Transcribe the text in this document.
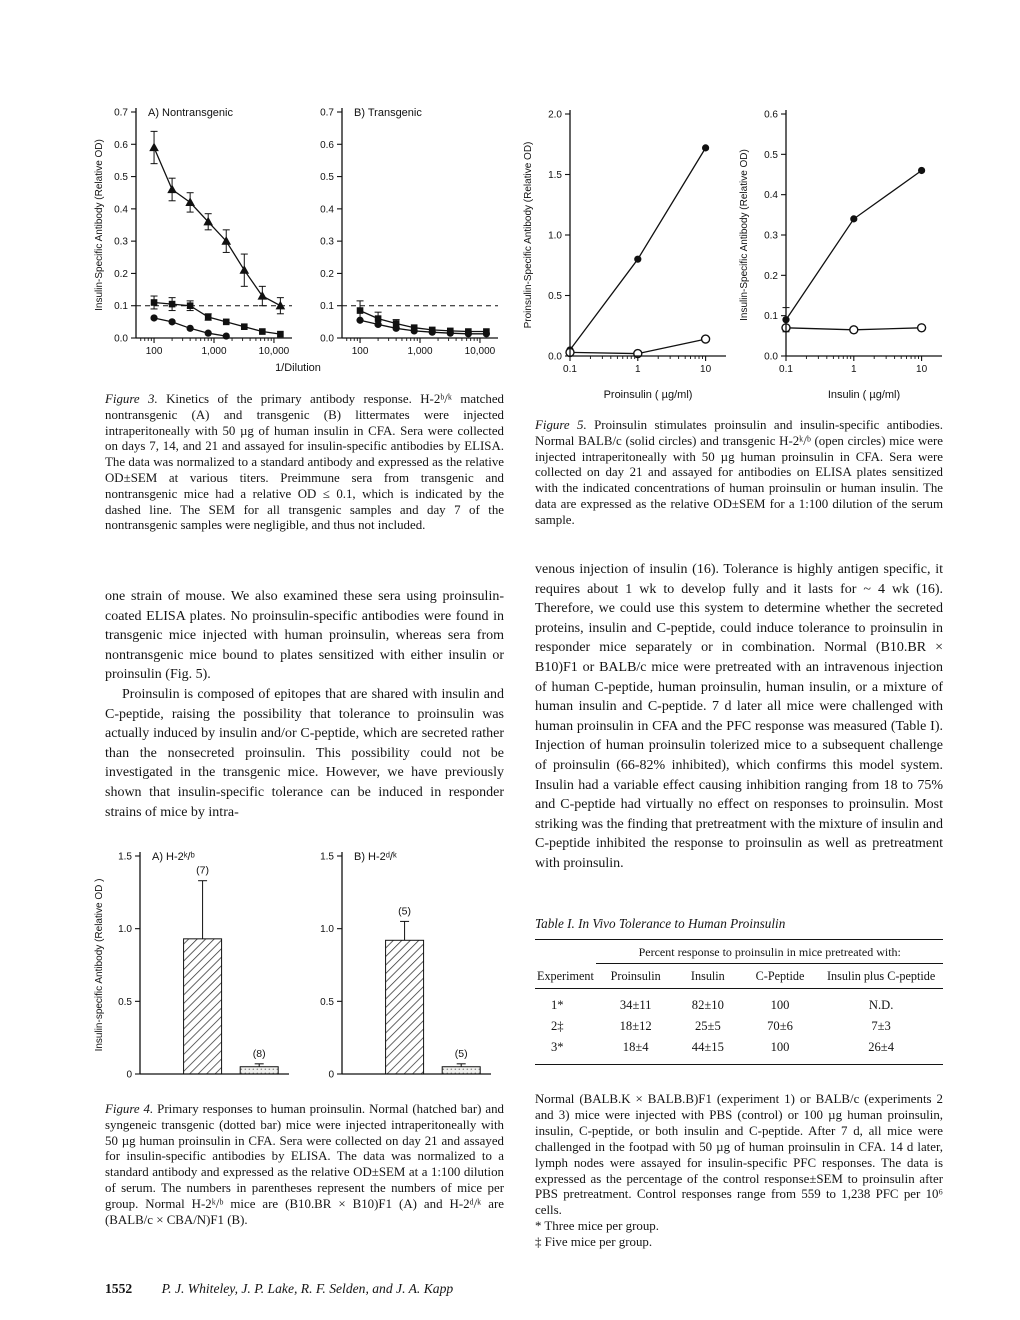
0.0
0.1
0.2
0.3
0.4
0.5
0.6
0.7
100	1,000	10,000
Insulin-Specific Antibody (Relative OD)
A) Nontransgenic
0.0
0.1
0.2
0.3
0.4
0.5
0.6
0.7
100	1,000	10,000
B) Transgenic
1/Dilution
0.0
0.5
1.0
1.5
2.0
0.1	1	10
Proinsulin-Specific Antibody (Relative OD)
Proinsulin ( µg/ml)
0.0
0.1
0.2
0.3
0.4
0.5
0.6
0.1	1	10
Insulin-Specific Antibody (Relative OD)
Insulin ( µg/ml)
Figure 3. Kinetics of the primary antibody response. H-2ᵇ/ᵏ matched nontransgenic (A) and transgenic (B) littermates were injected intraperitoneally with 50 µg of human insulin in CFA. Sera were collected on days 7, 14, and 21 and assayed for insulin-specific antibodies by ELISA. The data was normalized to a standard antibody and expressed as the relative OD±SEM at various titers. Preimmune sera from transgenic and nontransgenic mice had a relative OD ≤ 0.1, which is indicated by the dashed line. The SEM for all transgenic samples and day 7 of the nontransgenic samples were negligible, and thus not included.
Figure 5. Proinsulin stimulates proinsulin and insulin-specific antibodies. Normal BALB/c (solid circles) and transgenic H-2ᵏ/ᵇ (open circles) mice were injected intraperitoneally with 50 µg human proinsulin in CFA. Sera were collected on day 21 and assayed for antibodies on ELISA plates sensitized with the indicated concentrations of human proinsulin or human insulin. The data are expressed as the relative OD±SEM for a 1:100 dilution of the serum sample.

one strain of mouse. We also examined these sera using proinsulin-coated ELISA plates. No proinsulin-specific antibodies were found in transgenic mice injected with human proinsulin, whereas sera from nontransgenic mice bound to plates sensitized with either insulin or proinsulin (Fig. 5).

Proinsulin is composed of epitopes that are shared with insulin and C-peptide, raising the possibility that tolerance to proinsulin was actually induced by insulin and/or C-peptide, which are secreted rather than the nonsecreted proinsulin. This possibility could not be investigated in the transgenic mice. However, we have previously shown that insulin-specific tolerance can be induced in responder strains of mice by intra-

venous injection of insulin (16). Tolerance is highly antigen specific, it requires about 1 wk to develop fully and it lasts for ~ 4 wk (16). Therefore, we could use this system to determine whether the secreted proteins, insulin and C-peptide, could induce tolerance to proinsulin in responder mice separately or in combination. Normal (B10.BR × B10)F1 or BALB/c mice were pretreated with an intravenous injection of human C-peptide, human proinsulin, human insulin, or a mixture of human insulin and C-peptide. 7 d later all mice were challenged with human proinsulin in CFA and the PFC response was measured (Table I). Injection of human proinsulin tolerized mice to a subsequent challenge of proinsulin (66-82% inhibited), which confirms this model system. Insulin had a variable effect causing inhibition ranging from 18 to 75% and C-peptide had virtually no effect on responses to proinsulin. Most striking was the finding that pretreatment with the mixture of insulin and C-peptide inhibited the response to proinsulin as well as pretreatment with proinsulin.

(7)
(8)
0
0.5
1.0
1.5
Insulin-specific Antibody (Relative OD )
A) H-2ᵏ/ᵇ
(5)
(5)
0
0.5
1.0
1.5 B) H-2ᵈ/ᵏ
Figure 4. Primary responses to human proinsulin. Normal (hatched bar) and syngeneic transgenic (dotted bar) mice were injected intraperitoneally with 50 µg human proinsulin in CFA. Sera were collected on day 21 and assayed for insulin-specific antibodies by ELISA. The data was normalized to a standard antibody and expressed as the relative OD±SEM at a 1:100 dilution of serum. The numbers in parentheses represent the numbers of mice per group. Normal H-2ᵏ/ᵇ mice are (B10.BR × B10)F1 (A) and H-2ᵈ/ᵏ are (BALB/c × CBA/N)F1 (B).
Table I. In Vivo Tolerance to Human Proinsulin
	Percent response to proinsulin in mice pretreated with:			
Experiment	Proinsulin	Insulin	C-Peptide	Insulin plus C-peptide
1*	34±11	82±10	100	N.D.
2‡	18±12	25±5	70±6	7±3
3*	18±4	44±15	100	26±4

Normal (BALB.K × BALB.B)F1 (experiment 1) or BALB/c (experiments 2 and 3) mice were injected with PBS (control) or 100 µg human proinsulin, insulin, C-peptide, or both insulin and C-peptide. After 7 d, all mice were challenged in the footpad with 50 µg of human proinsulin in CFA. 14 d later, lymph nodes were assayed for insulin-specific PFC responses. The data is expressed as the percentage of the control response±SEM to proinsulin after PBS pretreatment. Control responses range from 559 to 1,238 PFC per 10⁶ cells.

* Three mice per group.

‡ Five mice per group.

1552 P. J. Whiteley, J. P. Lake, R. F. Selden, and J. A. Kapp
